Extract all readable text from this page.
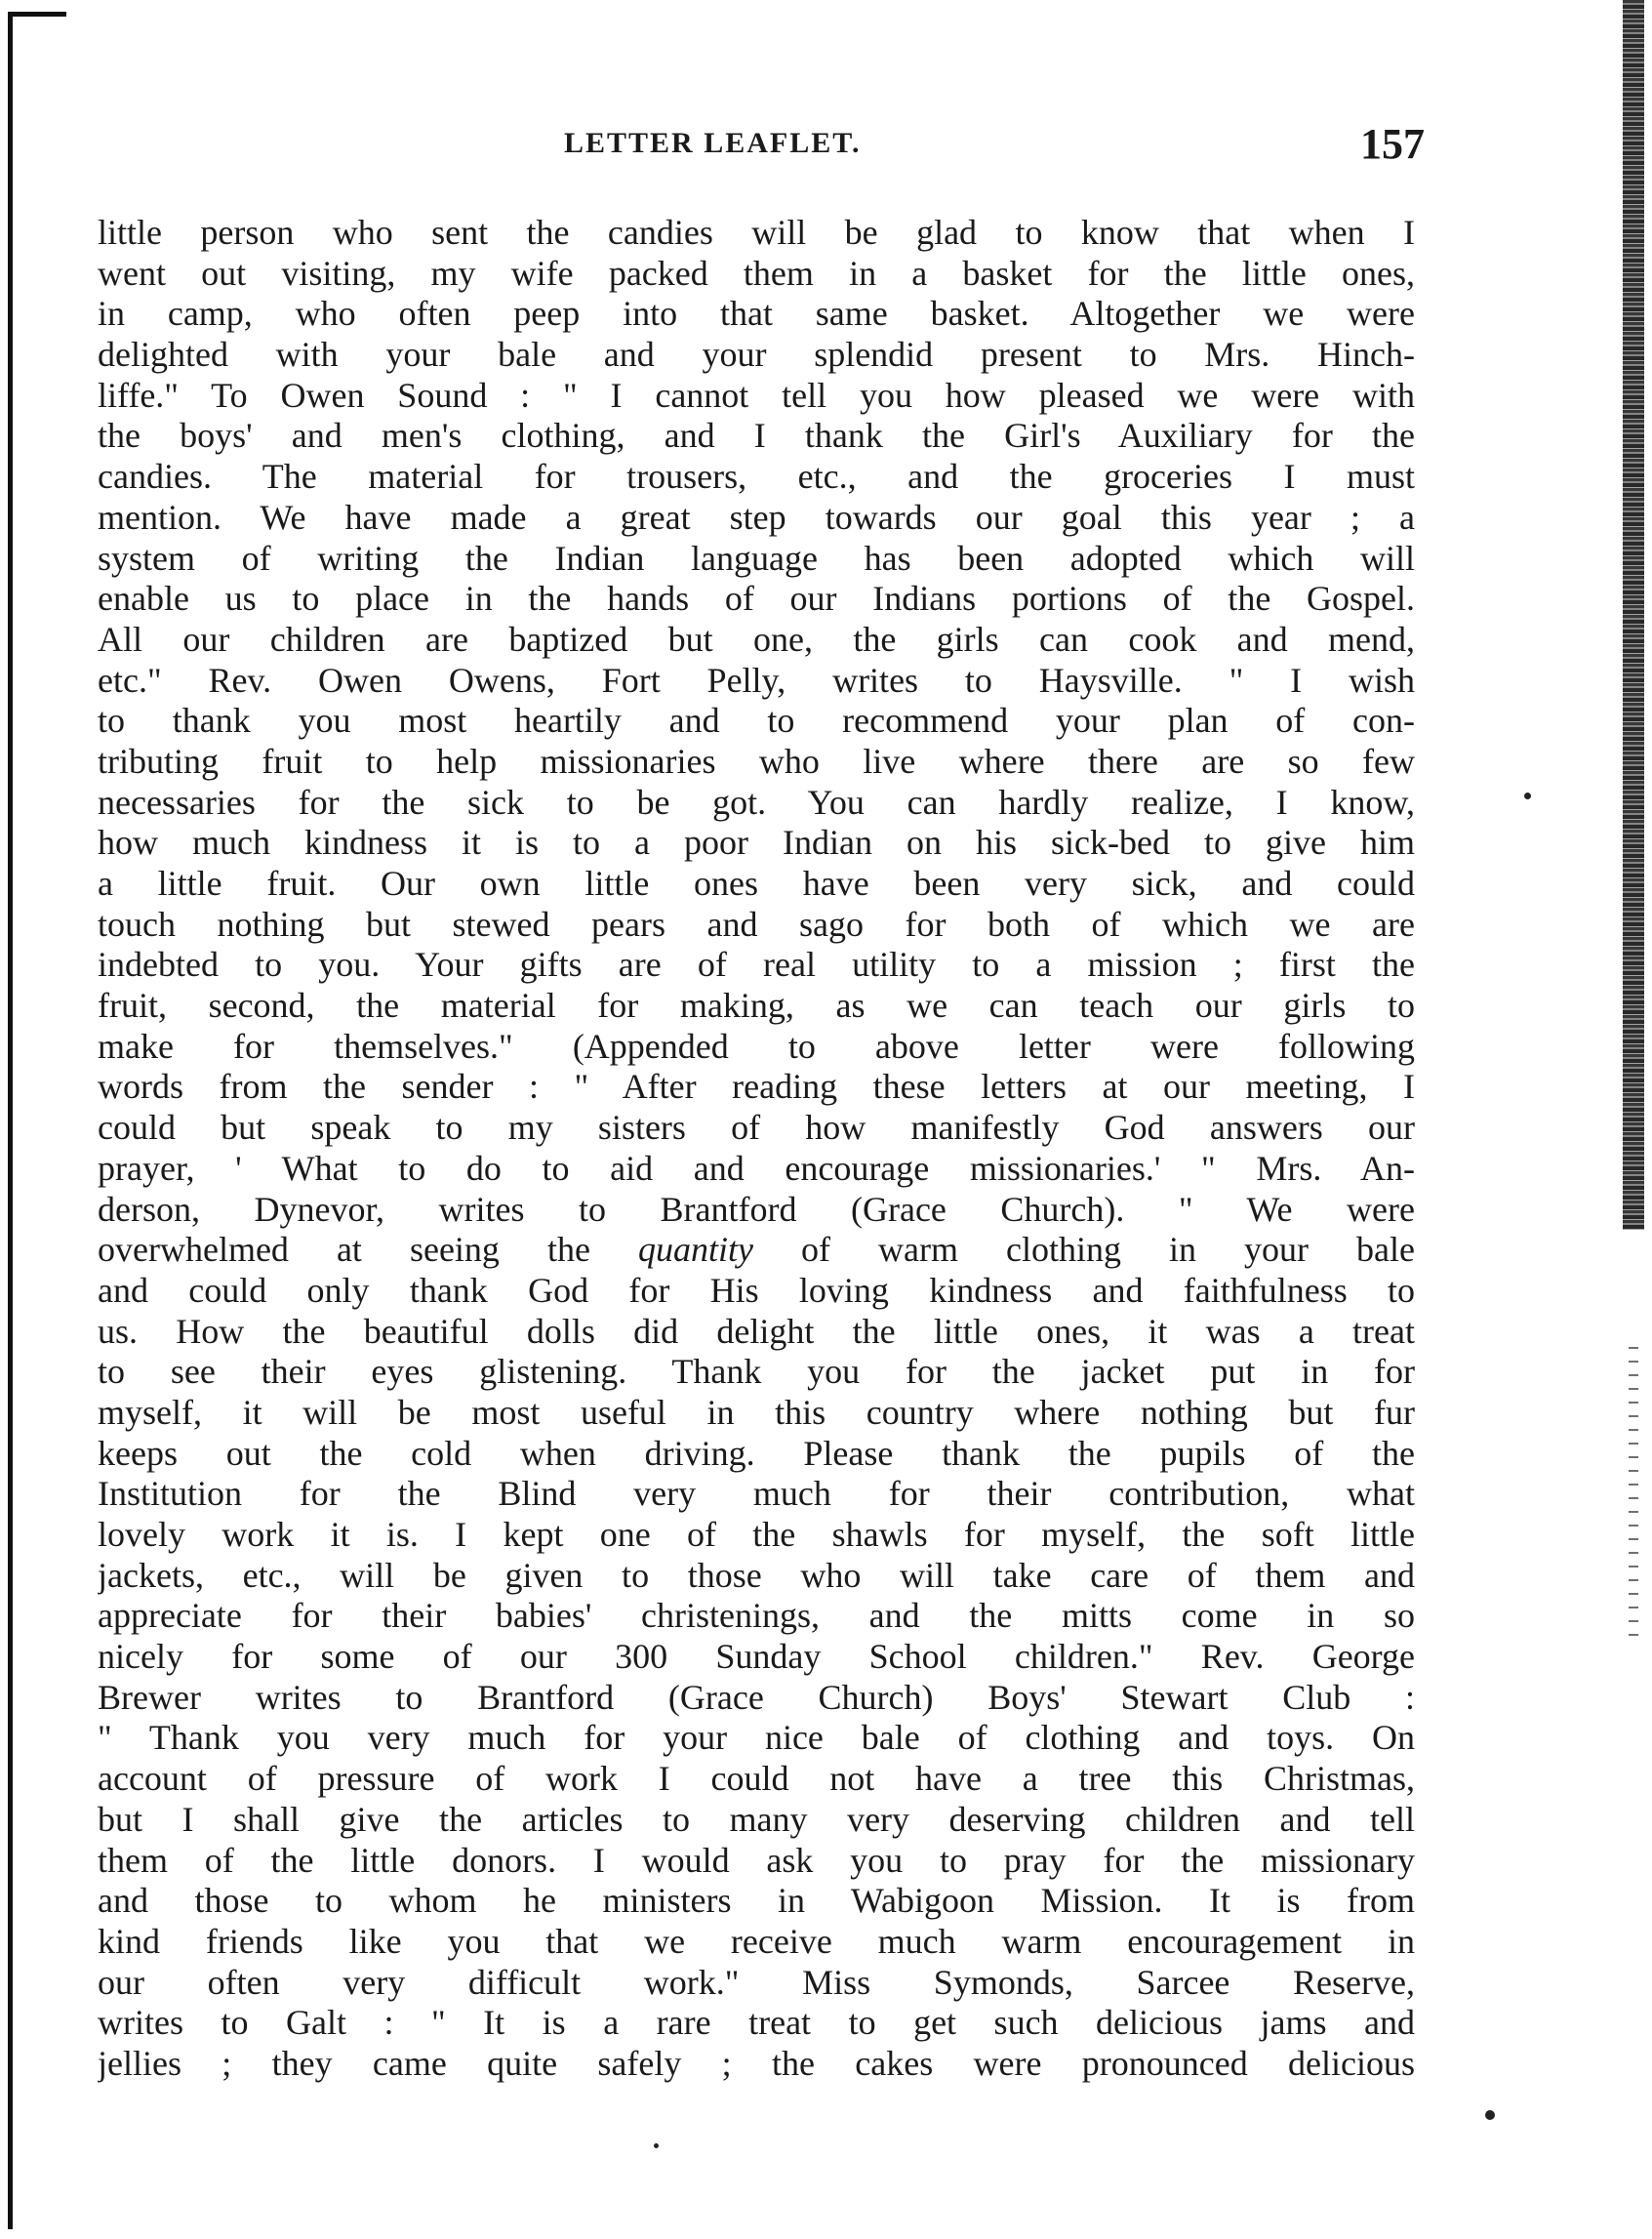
LETTER LEAFLET.	157
little person who sent the candies will be glad to know that when I
went out visiting, my wife packed them in a basket for the little ones,
in camp, who often peep into that same basket. Altogether we were
delighted with your bale and your splendid present to Mrs. Hinch-
liffe." To Owen Sound : " I cannot tell you how pleased we were with
the boys' and men's clothing, and I thank the Girl's Auxiliary for the
candies. The material for trousers, etc., and the groceries I must
mention. We have made a great step towards our goal this year ; a
system of writing the Indian language has been adopted which will
enable us to place in the hands of our Indians portions of the Gospel.
All our children are baptized but one, the girls can cook and mend,
etc." Rev. Owen Owens, Fort Pelly, writes to Haysville. " I wish
to thank you most heartily and to recommend your plan of con-
tributing fruit to help missionaries who live where there are so few
necessaries for the sick to be got. You can hardly realize, I know,
how much kindness it is to a poor Indian on his sick-bed to give him
a little fruit. Our own little ones have been very sick, and could
touch nothing but stewed pears and sago for both of which we are
indebted to you. Your gifts are of real utility to a mission ; first the
fruit, second, the material for making, as we can teach our girls to
make for themselves." (Appended to above letter were following
words from the sender : " After reading these letters at our meeting, I
could but speak to my sisters of how manifestly God answers our
prayer, ' What to do to aid and encourage missionaries.' " Mrs. An-
derson, Dynevor, writes to Brantford (Grace Church). " We were
overwhelmed at seeing the quantity of warm clothing in your bale
and could only thank God for His loving kindness and faithfulness to
us. How the beautiful dolls did delight the little ones, it was a treat
to see their eyes glistening. Thank you for the jacket put in for
myself, it will be most useful in this country where nothing but fur
keeps out the cold when driving. Please thank the pupils of the
Institution for the Blind very much for their contribution, what
lovely work it is. I kept one of the shawls for myself, the soft little
jackets, etc., will be given to those who will take care of them and
appreciate for their babies' christenings, and the mitts come in so
nicely for some of our 300 Sunday School children." Rev. George
Brewer writes to Brantford (Grace Church) Boys' Stewart Club :
" Thank you very much for your nice bale of clothing and toys. On
account of pressure of work I could not have a tree this Christmas,
but I shall give the articles to many very deserving children and tell
them of the little donors. I would ask you to pray for the missionary
and those to whom he ministers in Wabigoon Mission. It is from
kind friends like you that we receive much warm encouragement in
our often very difficult work." Miss Symonds, Sarcee Reserve,
writes to Galt : " It is a rare treat to get such delicious jams and
jellies ; they came quite safely ; the cakes were pronounced delicious
